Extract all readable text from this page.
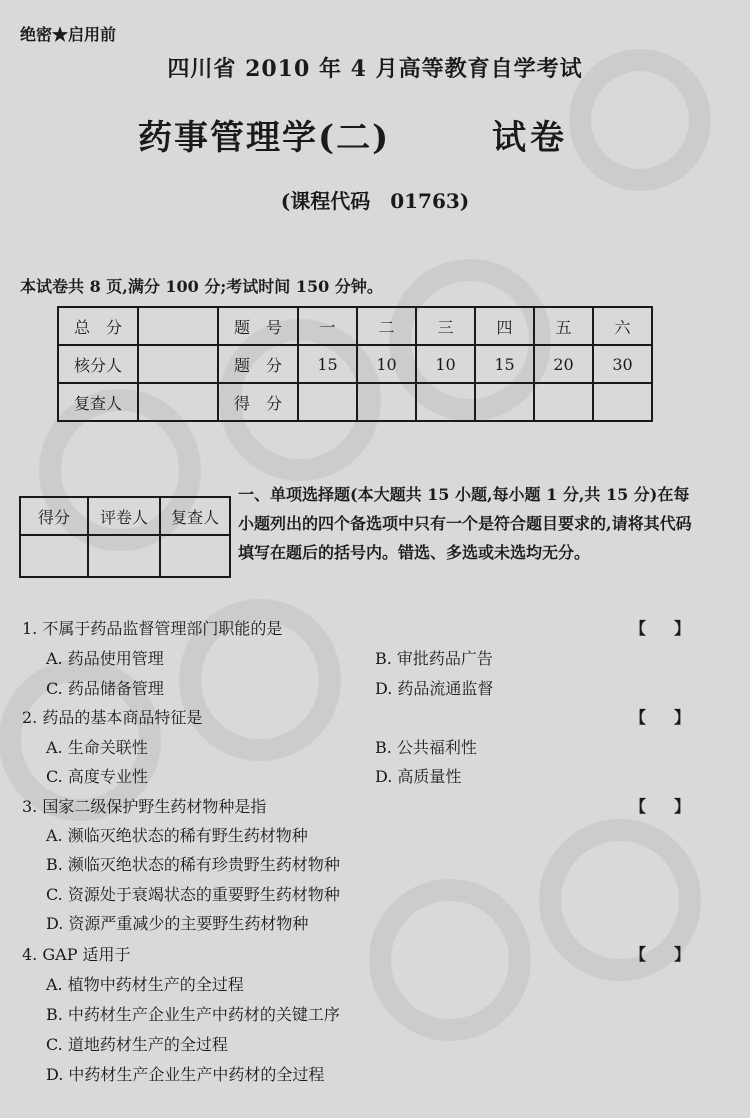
绝密★启用前
四川省 2010 年 4 月高等教育自学考试
药事管理学(二)	试卷
(课程代码　01763)
本试卷共 8 页,满分 100 分;考试时间 150 分钟。
总　分		题　号	一	二	三	四	五	六
核分人		题　分	15	10	10	15	20	30
复查人		得　分						
得分	评卷人	复查人

一、单项选择题(本大题共 15 小题,每小题 1 分,共 15 分)在每小题列出的四个备选项中只有一个是符合题目要求的,请将其代码填写在题后的括号内。错选、多选或未选均无分。
1. 不属于药品监督管理部门职能的是	【】
A. 药品使用管理	B. 审批药品广告
C. 药品储备管理	D. 药品流通监督
2. 药品的基本商品特征是	【】
A. 生命关联性	B. 公共福利性
C. 高度专业性	D. 高质量性
3. 国家二级保护野生药材物种是指	【】
A. 濒临灭绝状态的稀有野生药材物种
B. 濒临灭绝状态的稀有珍贵野生药材物种
C. 资源处于衰竭状态的重要野生药材物种
D. 资源严重减少的主要野生药材物种
4. GAP 适用于	【】
A. 植物中药材生产的全过程
B. 中药材生产企业生产中药材的关键工序
C. 道地药材生产的全过程
D. 中药材生产企业生产中药材的全过程
